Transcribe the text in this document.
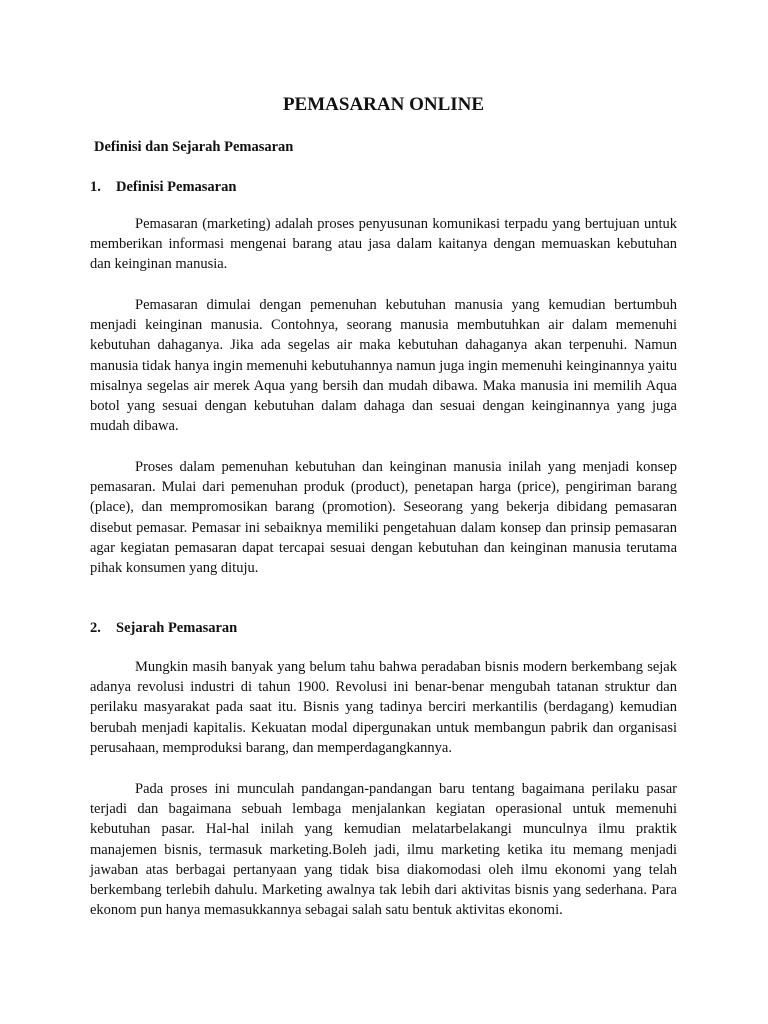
PEMASARAN ONLINE
Definisi dan Sejarah Pemasaran
1. Definisi Pemasaran

Pemasaran (marketing) adalah proses penyusunan komunikasi terpadu yang bertujuan untuk memberikan informasi mengenai barang atau jasa dalam kaitanya dengan memuaskan kebutuhan dan keinginan manusia.

Pemasaran dimulai dengan pemenuhan kebutuhan manusia yang kemudian bertumbuh menjadi keinginan manusia. Contohnya, seorang manusia membutuhkan air dalam memenuhi kebutuhan dahaganya. Jika ada segelas air maka kebutuhan dahaganya akan terpenuhi. Namun manusia tidak hanya ingin memenuhi kebutuhannya namun juga ingin memenuhi keinginannya yaitu misalnya segelas air merek Aqua yang bersih dan mudah dibawa. Maka manusia ini memilih Aqua botol yang sesuai dengan kebutuhan dalam dahaga dan sesuai dengan keinginannya yang juga mudah dibawa.

Proses dalam pemenuhan kebutuhan dan keinginan manusia inilah yang menjadi konsep pemasaran. Mulai dari pemenuhan produk (product), penetapan harga (price), pengiriman barang (place), dan mempromosikan barang (promotion). Seseorang yang bekerja dibidang pemasaran disebut pemasar. Pemasar ini sebaiknya memiliki pengetahuan dalam konsep dan prinsip pemasaran agar kegiatan pemasaran dapat tercapai sesuai dengan kebutuhan dan keinginan manusia terutama pihak konsumen yang dituju.

2. Sejarah Pemasaran

Mungkin masih banyak yang belum tahu bahwa peradaban bisnis modern berkembang sejak adanya revolusi industri di tahun 1900. Revolusi ini benar-benar mengubah tatanan struktur dan perilaku masyarakat pada saat itu. Bisnis yang tadinya berciri merkantilis (berdagang) kemudian berubah menjadi kapitalis. Kekuatan modal dipergunakan untuk membangun pabrik dan organisasi perusahaan, memproduksi barang, dan memperdagangkannya.

Pada proses ini munculah pandangan-pandangan baru tentang bagaimana perilaku pasar terjadi dan bagaimana sebuah lembaga menjalankan kegiatan operasional untuk memenuhi kebutuhan pasar. Hal-hal inilah yang kemudian melatarbelakangi munculnya ilmu praktik manajemen bisnis, termasuk marketing.Boleh jadi, ilmu marketing ketika itu memang menjadi jawaban atas berbagai pertanyaan yang tidak bisa diakomodasi oleh ilmu ekonomi yang telah berkembang terlebih dahulu. Marketing awalnya tak lebih dari aktivitas bisnis yang sederhana. Para ekonom pun hanya memasukkannya sebagai salah satu bentuk aktivitas ekonomi.
